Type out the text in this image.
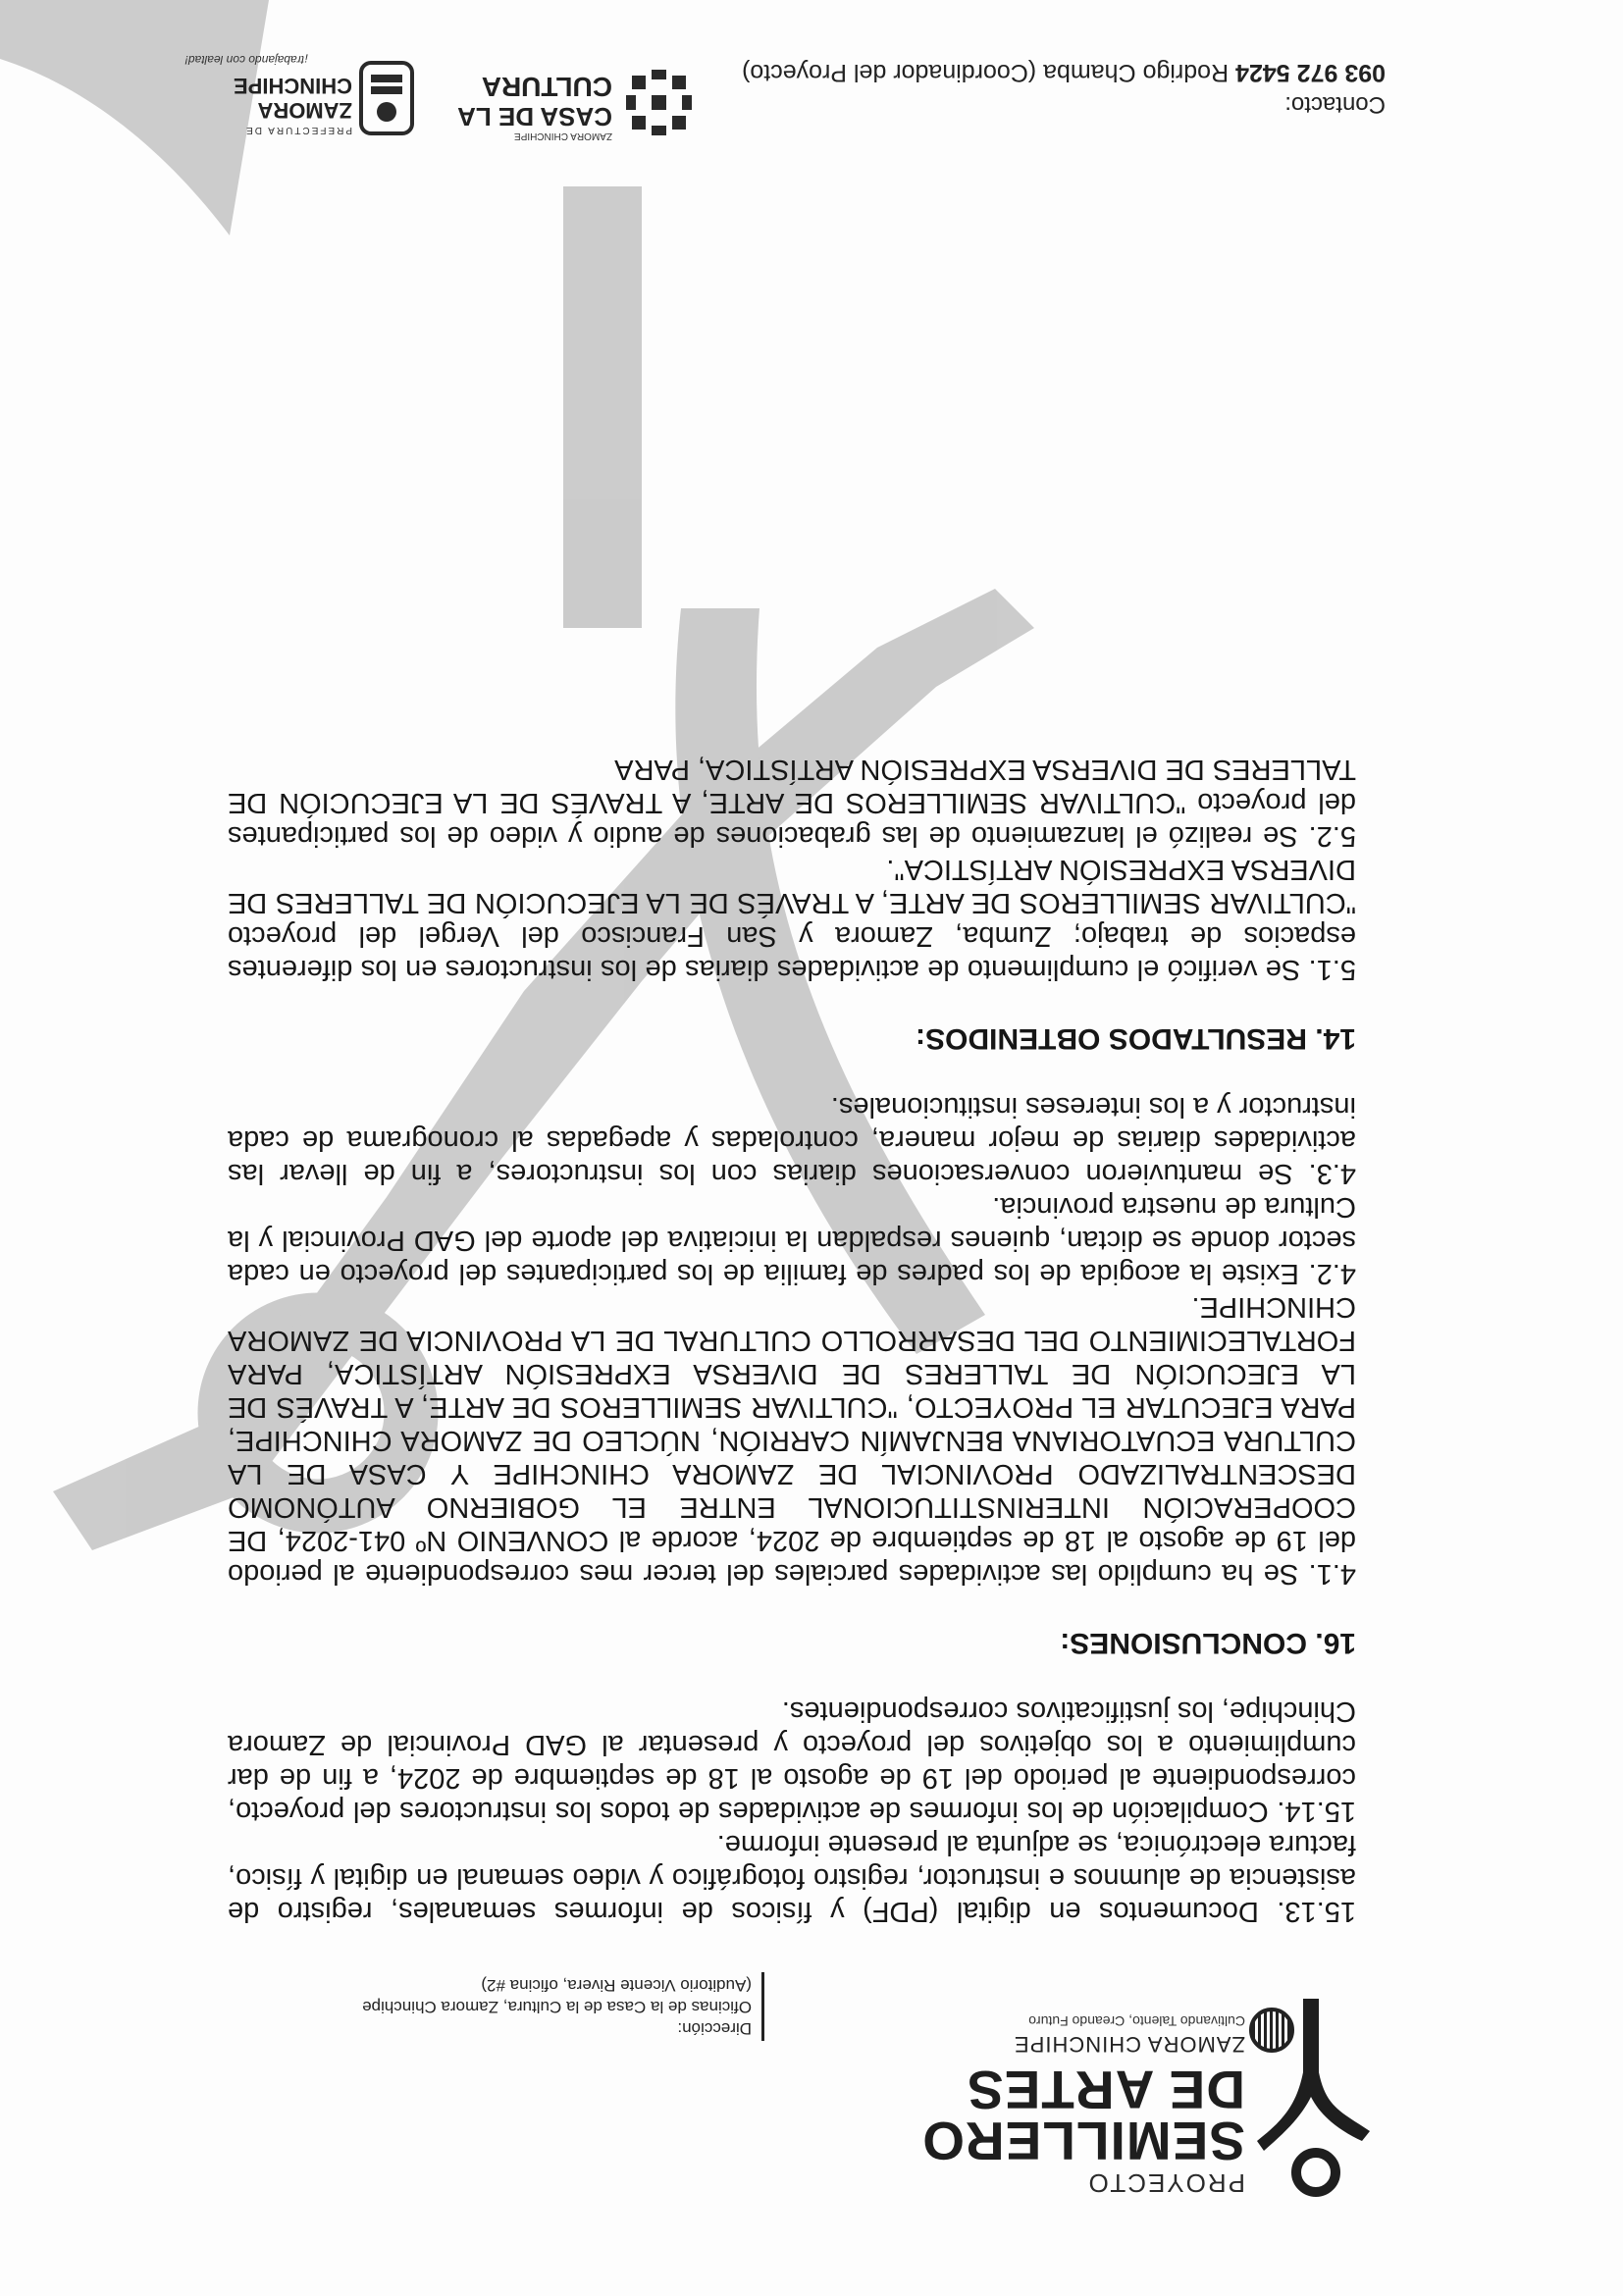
PROYECTO
SEMILLERO
DE ARTES
ZAMORA CHINCHIPE
Cultivando Talento, Creando Futuro
Dirección:
Oficinas de la Casa de la Cultura, Zamora Chinchipe
(Auditorio Vicente Rivera, oficina #2)

15.13. Documentos en digital (PDF) y físicos de informes semanales, registro de asistencia de alumnos e instructor, registro fotográfico y video semanal en digital y físico, factura electrónica, se adjunta al presente informe.

15.14. Compilación de los informes de actividades de todos los instructores del proyecto, correspondiente al periodo del 19 de agosto al 18 de septiembre de 2024, a fin de dar cumplimiento a los objetivos del proyecto y presentar al GAD Provincial de Zamora Chinchipe, los justificativos correspondientes.

16. CONCLUSIONES:

4.1. Se ha cumplido las actividades parciales del tercer mes correspondiente al periodo del 19 de agosto al 18 de septiembre de 2024, acorde al CONVENIO Nº 041-2024, DE COOPERACIÓN INTERINSTITUCIONAL ENTRE EL GOBIERNO AUTÓNOMO DESCENTRALIZADO PROVINCIAL DE ZAMORA CHINCHIPE Y CASA DE LA CULTURA ECUATORIANA BENJAMÍN CARRIÓN, NÚCLEO DE ZAMORA CHINCHIPE, PARA EJECUTAR EL PROYECTO, "CULTIVAR SEMILLEROS DE ARTE, A TRAVÉS DE LA EJECUCIÓN DE TALLERES DE DIVERSA EXPRESIÓN ARTÍSTICA, PARA FORTALECIMIENTO DEL DESARROLLO CULTURAL DE LA PROVINCIA DE ZAMORA CHINCHIPE.

4.2. Existe la acogida de los padres de familia de los participantes del proyecto en cada sector donde se dictan, quienes respaldan la iniciativa del aporte del GAD Provincial y la Cultura de nuestra provincia.

4.3. Se mantuvieron conversaciones diarias con los instructores, a fin de llevar las actividades diarias de mejor manera, controladas y apegadas al cronograma de cada instructor y a los intereses institucionales.

14. RESULTADOS OBTENIDOS:

5.1. Se verificó el cumplimento de actividades diarias de los instructores en los diferentes espacios de trabajo; Zumba, Zamora y San Francisco del Vergel del proyecto "CULTIVAR SEMILLEROS DE ARTE, A TRAVÉS DE LA EJECUCIÓN DE TALLERES DE DIVERSA EXPRESIÓN ARTÍSTICA".

5.2. Se realizó el lanzamiento de las grabaciones de audio y video de los participantes del proyecto "CULTIVAR SEMILLEROS DE ARTE, A TRAVÉS DE LA EJECUCIÓN DE TALLERES DE DIVERSA EXPRESIÓN ARTÍSTICA, PARA

Contacto:
093 972 5424 Rodrigo Chamba (Coordinador del Proyecto)
ZAMORA CHINCHIPE
CASA DE LA
CULTURA
PREFECTURA DE
ZAMORA
CHINCHIPE
¡trabajando con lealtad!
